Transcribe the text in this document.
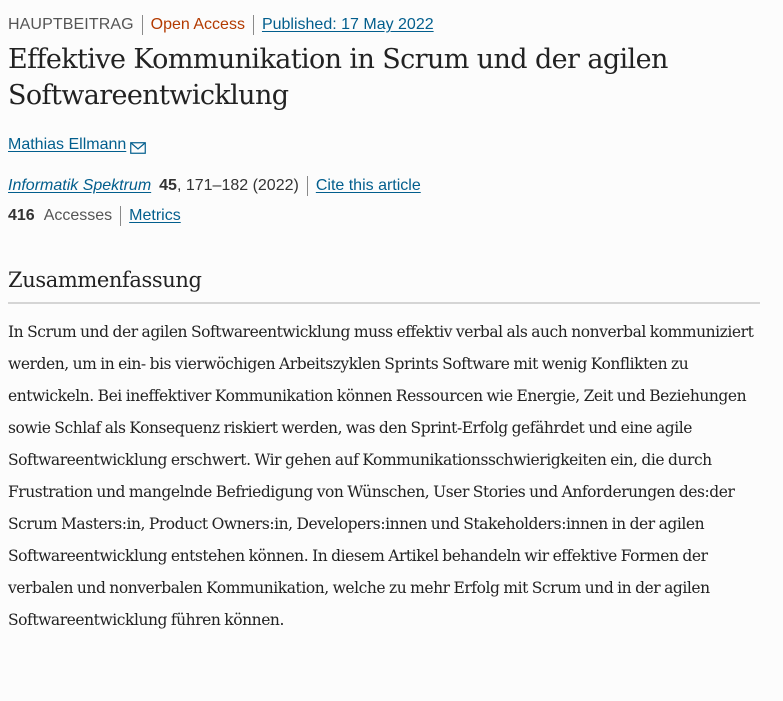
HAUPTBEITRAG Open Access Published: 17 May 2022
Effektive Kommunikation in Scrum und der agilen Softwareentwicklung
Mathias Ellmann
Informatik Spektrum 45 , 171–182 (2022) Cite this article
416 Accesses Metrics
Zusammenfassung

In Scrum und der agilen Softwareentwicklung muss effektiv verbal als auch nonverbal kommuniziert werden, um in ein- bis vierwöchigen Arbeitszyklen Sprints Software mit wenig Konflikten zu entwickeln. Bei ineffektiver Kommunikation können Ressourcen wie Energie, Zeit und Beziehungen sowie Schlaf als Konsequenz riskiert werden, was den Sprint-Erfolg gefährdet und eine agile Softwareentwicklung erschwert. Wir gehen auf Kommunikationsschwierigkeiten ein, die durch Frustration und mangelnde Befriedigung von Wünschen, User Stories und Anforderungen des:der Scrum Masters:in, Product Owners:in, Developers:innen und Stakeholders:innen in der agilen Softwareentwicklung entstehen können. In diesem Artikel behandeln wir effektive Formen der verbalen und nonverbalen Kommunikation, welche zu mehr Erfolg mit Scrum und in der agilen Softwareentwicklung führen können.
